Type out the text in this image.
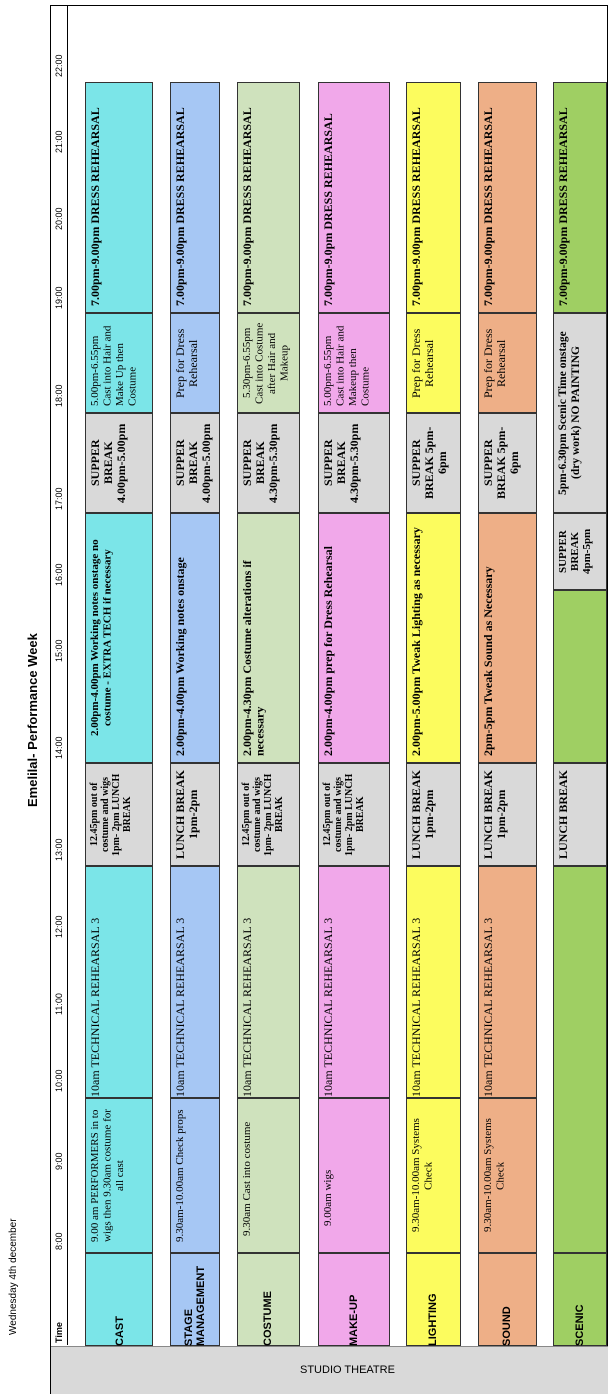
Emelilal- Performance Week
Wednesday 4th december
STUDIO THEATRE
Time
8:00
9:00
10:00
11:00
12:00
13:00
14:00
15:00
16:00
17:00
18:00
19:00
20:00
21:00
22:00
CAST
9.00 am PERFORMERS in to wigs then 9.30am costume for all cast
10am TECHNICAL REHEARSAL 3
12.45pm out of costume and wigs 1pm- 2pm LUNCH BREAK
2.00pm-4.00pm Working notes onstage no costume - EXTRA TECH if necessary
SUPPER BREAK 4.00pm-5.00pm
5.00pm-6.55pm Cast into Hair and Make Up then Costume
7.00pm-9.00pm DRESS REHEARSAL
STAGE MANAGEMENT
9.30am-10.00am Check props
10am TECHNICAL REHEARSAL 3
LUNCH BREAK 1pm-2pm
2.00pm-4.00pm Working notes onstage
SUPPER BREAK 4.00pm-5.00pm
Prep for Dress Rehearsal
7.00pm-9.00pm DRESS REHEARSAL
COSTUME
9.30am Cast into costume
10am TECHNICAL REHEARSAL 3
12.45pm out of costume and wigs 1pm- 2pm LUNCH BREAK
2.00pm-4.30pm Costume alterations if necessary
SUPPER BREAK 4.30pm-5.30pm
5.30pm-6.55pm Cast into Costume after Hair and Makeup
7.00pm-9.00pm DRESS REHEARSAL
MAKE-UP
9.00am wigs
10am TECHNICAL REHEARSAL 3
12.45pm out of costume and wigs 1pm- 2pm LUNCH BREAK
2.00pm-4.00pm prep for Dress Rehearsal
SUPPER BREAK 4.30pm-5.30pm
5.00pm-6.55pm Cast into Hair and Makeup then Costume
7.00pm-9.0pm DRESS REHEARSAL
LIGHTING
9.30am-10.00am Systems Check
10am TECHNICAL REHEARSAL 3
LUNCH BREAK 1pm-2pm
2.00pm-5.00pm Tweak Lighting as necessary
SUPPER BREAK 5pm-6pm
Prep for Dress Rehearsal
7.00pm-9.00pm DRESS REHEARSAL
SOUND
9.30am-10.00am Systems Check
10am TECHNICAL REHEARSAL 3
LUNCH BREAK 1pm-2pm
2pm-5pm Tweak Sound as Necessary
SUPPER BREAK 5pm-6pm
Prep for Dress Rehearsal
7.00pm-9.00pm DRESS REHEARSAL
SCENIC
LUNCH BREAK
SUPPER BREAK 4pm-5pm
5pm-6.30pm Scenic Time onstage (dry work) NO PAINTING
7.00pm-9.00pm DRESS REHEARSAL
